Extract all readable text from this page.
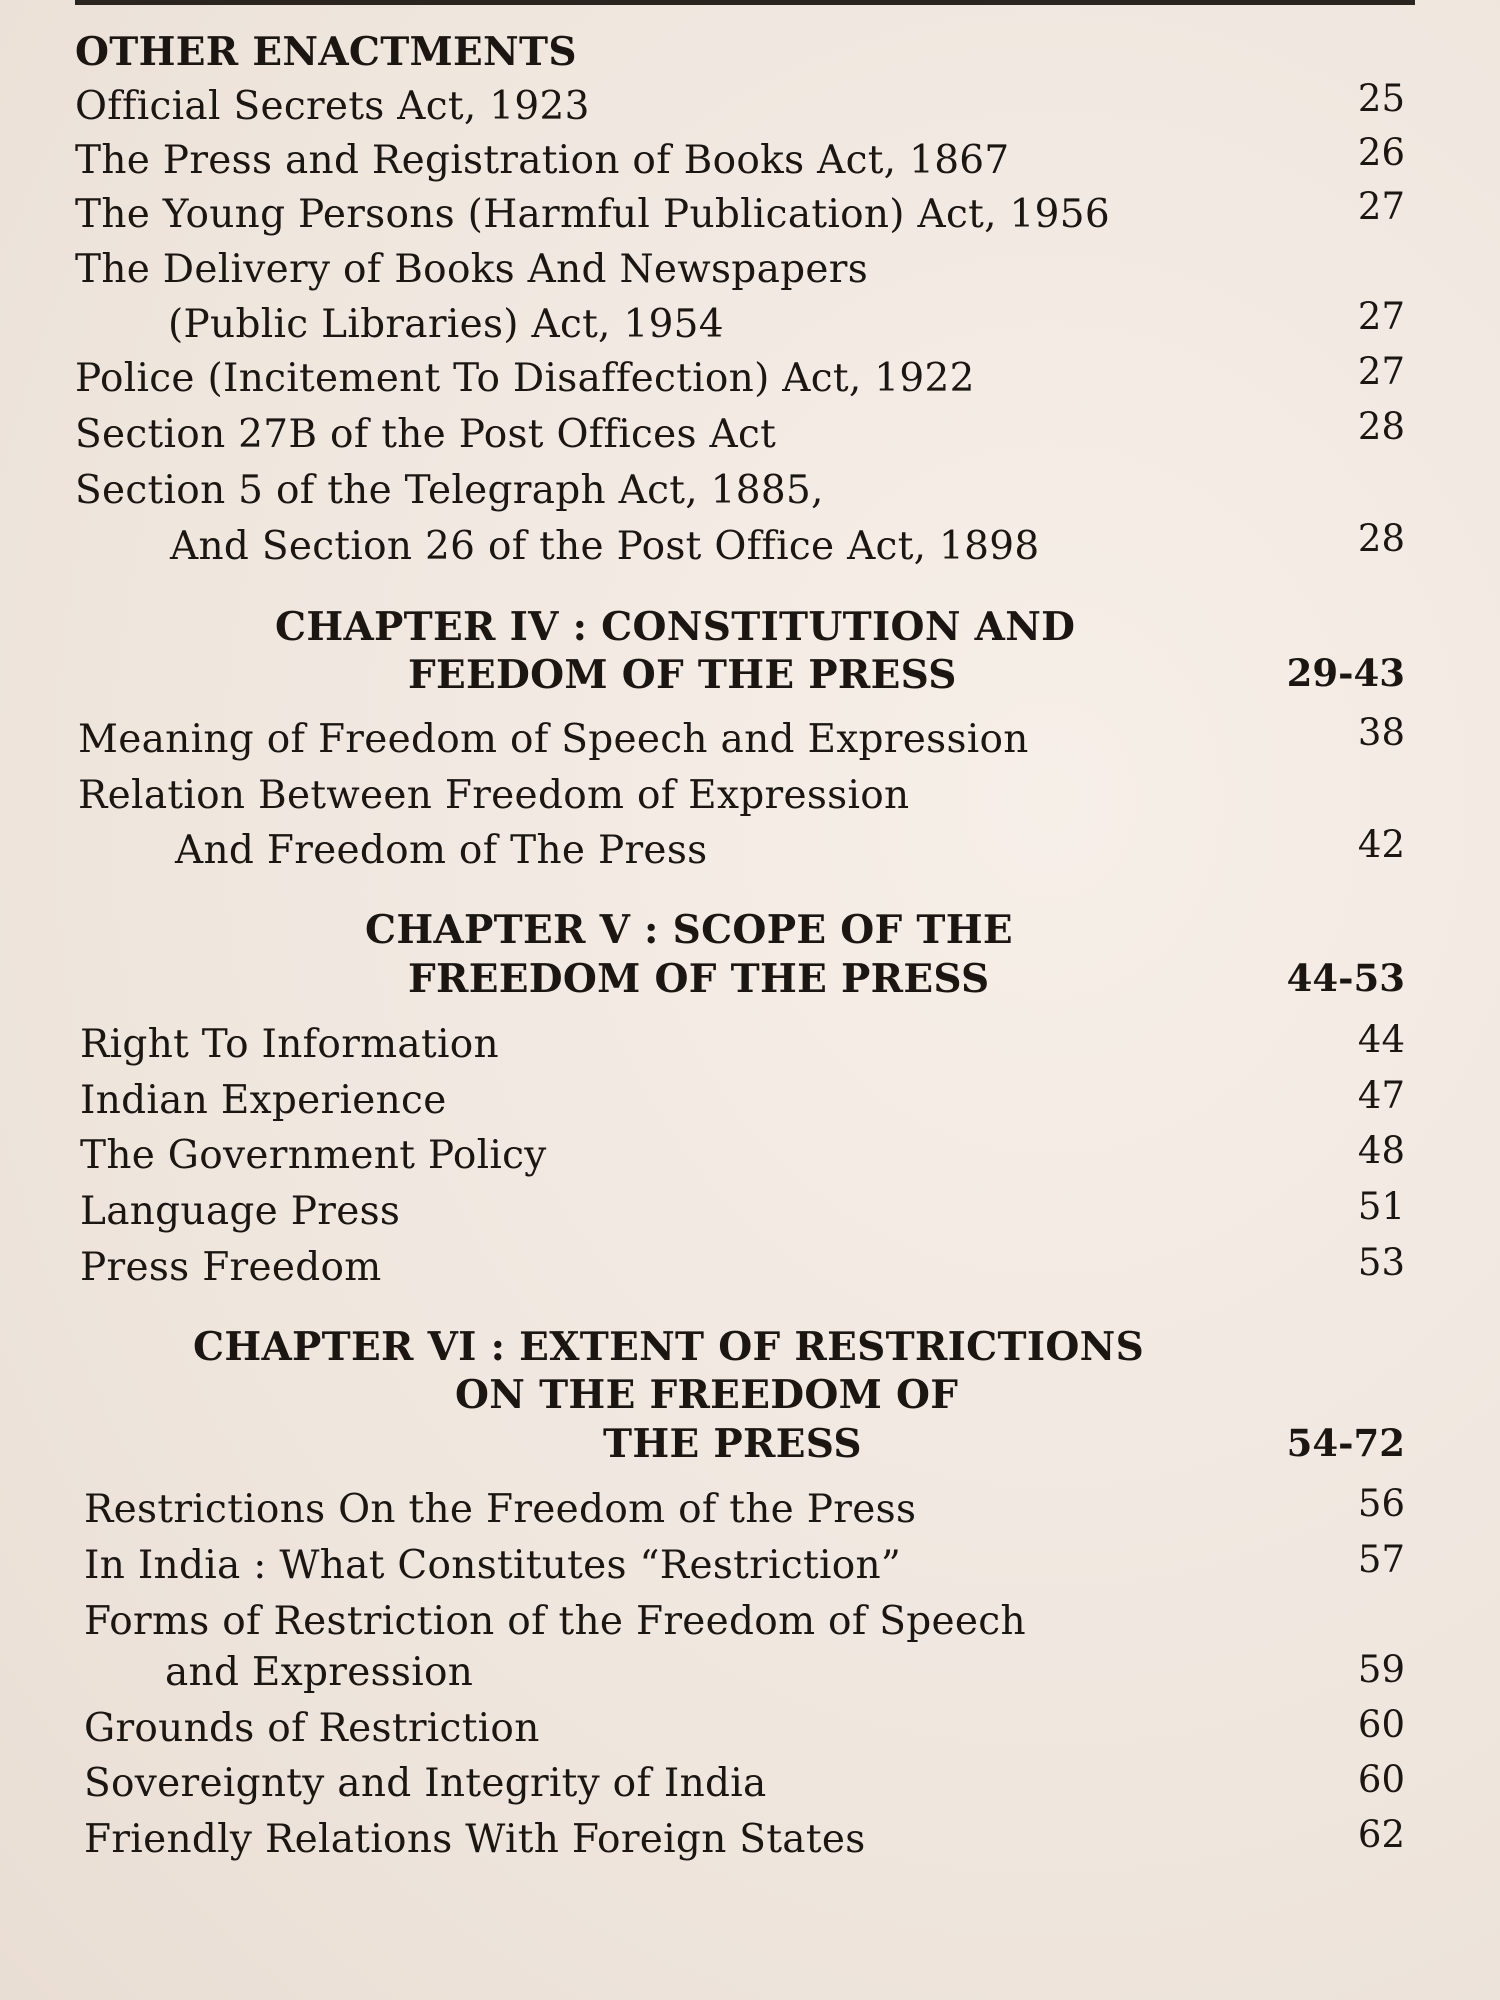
OTHER ENACTMENTS
Official Secrets Act, 1923	25
The Press and Registration of Books Act, 1867	26
The Young Persons (Harmful Publication) Act, 1956	27
The Delivery of Books And Newspapers
(Public Libraries) Act, 1954	27
Police (Incitement To Disaffection) Act, 1922	27
Section 27B of the Post Offices Act	28
Section 5 of the Telegraph Act, 1885,
And Section 26 of the Post Office Act, 1898	28
CHAPTER IV : CONSTITUTION AND
FEEDOM OF THE PRESS	29-43
Meaning of Freedom of Speech and Expression	38
Relation Between Freedom of Expression
And Freedom of The Press	42
CHAPTER V : SCOPE OF THE
FREEDOM OF THE PRESS	44-53
Right To Information	44
Indian Experience	47
The Government Policy	48
Language Press	51
Press Freedom	53
CHAPTER VI : EXTENT OF RESTRICTIONS
ON THE FREEDOM OF
THE PRESS	54-72
Restrictions On the Freedom of the Press	56
In India : What Constitutes “Restriction”	57
Forms of Restriction of the Freedom of Speech
and Expression	59
Grounds of Restriction	60
Sovereignty and Integrity of India	60
Friendly Relations With Foreign States	62
